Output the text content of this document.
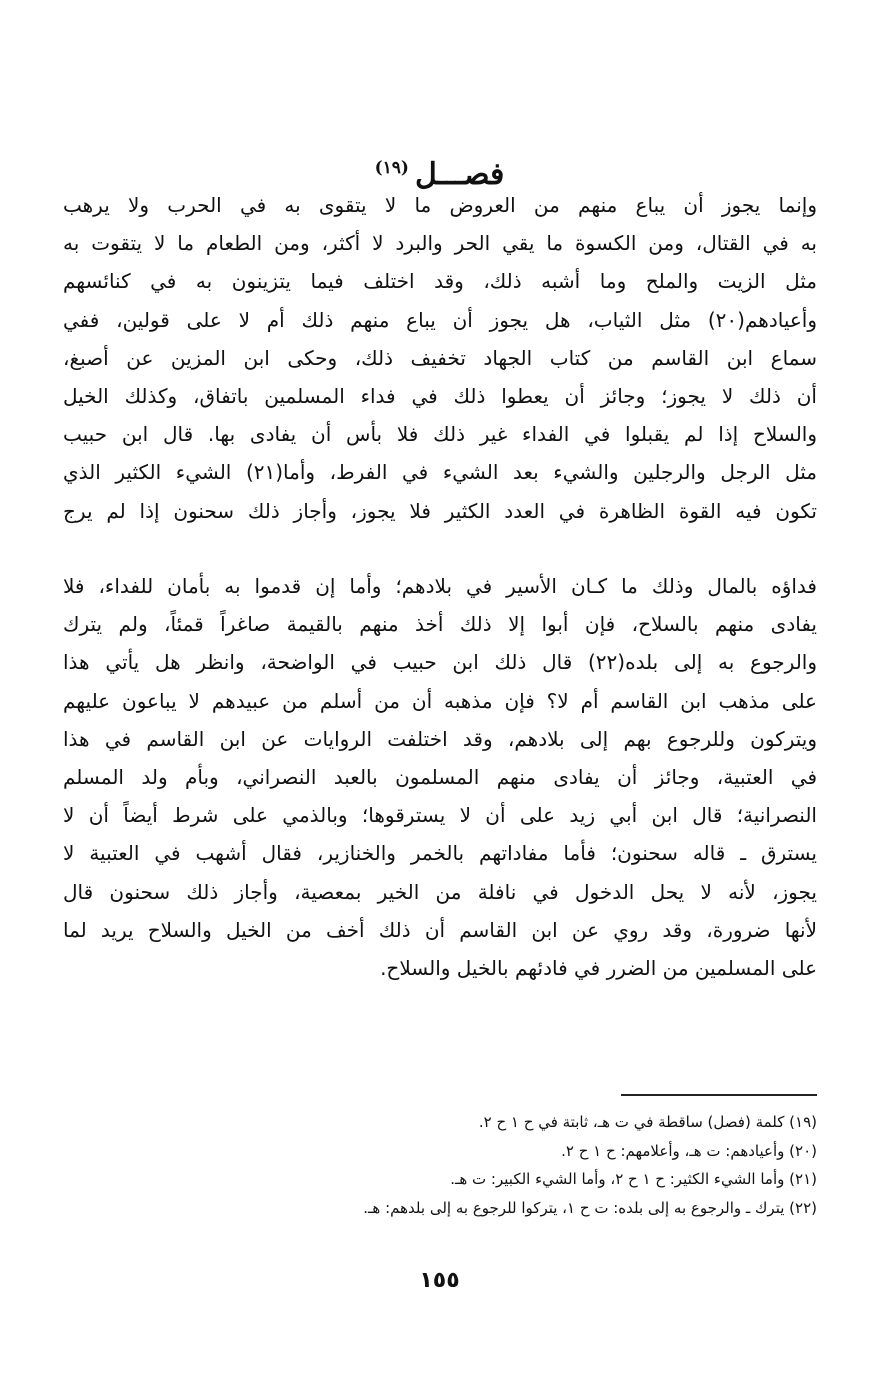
فصـــل$^{(١٩)}$

وإنما يجوز أن يباع منهم من العروض ما لا يتقوى به في الحرب ولا يرهب
به في القتال، ومن الكسوة ما يقي الحر والبرد لا أكثر، ومن الطعام ما لا يتقوت به
مثل الزيت والملح وما أشبه ذلك، وقد اختلف فيما يتزينون به في كنائسهم
وأعيادهم(٢٠) مثل الثياب، هل يجوز أن يباع منهم ذلك أم لا على قولين، ففي
سماع ابن القاسم من كتاب الجهاد تخفيف ذلك، وحكى ابن المزين عن أصبغ،
أن ذلك لا يجوز؛ وجائز أن يعطوا ذلك في فداء المسلمين باتفاق، وكذلك الخيل
والسلاح إذا لم يقبلوا في الفداء غير ذلك فلا بأس أن يفادى بها. قال ابن حبيب
مثل الرجل والرجلين والشيء بعد الشيء في الفرط، وأما(٢١) الشيء الكثير الذي
تكون فيه القوة الظاهرة في العدد الكثير فلا يجوز، وأجاز ذلك سحنون إذا لم يرج

فداؤه بالمال وذلك ما كـان الأسير في بلادهم؛ وأما إن قدموا به بأمان للفداء، فلا
يفادى منهم بالسلاح، فإن أبوا إلا ذلك أخذ منهم بالقيمة صاغراً قمئاً، ولم يترك
والرجوع به إلى بلده(٢٢) قال ذلك ابن حبيب في الواضحة، وانظر هل يأتي هذا
على مذهب ابن القاسم أم لا؟ فإن مذهبه أن من أسلم من عبيدهم لا يباعون عليهم
ويتركون وللرجوع بهم إلى بلادهم، وقد اختلفت الروايات عن ابن القاسم في هذا
في العتبية، وجائز أن يفادى منهم المسلمون بالعبد النصراني، وبأم ولد المسلم
النصرانية؛ قال ابن أبي زيد على أن لا يسترقوها؛ وبالذمي على شرط أيضاً أن لا
يسترق ـ قاله سحنون؛ فأما مفاداتهم بالخمر والخنازير، فقال أشهب في العتبية لا
يجوز، لأنه لا يحل الدخول في نافلة من الخير بمعصية، وأجاز ذلك سحنون قال
لأنها ضرورة، وقد روي عن ابن القاسم أن ذلك أخف من الخيل والسلاح يريد لما
على المسلمين من الضرر في فادئهم بالخيل والسلاح.

(١٩) كلمة (فصل) ساقطة في ت هـ، ثابتة في ح ١ ح ٢.
(٢٠) وأعيادهم: ت هـ، وأعلامهم: ح ١ ح ٢.
(٢١) وأما الشيء الكثير: ح ١ ح ٢، وأما الشيء الكبير: ت هـ.
(٢٢) يترك ـ والرجوع به إلى بلده: ت ح ١، يتركوا للرجوع به إلى بلدهم: هـ.
١٥٥
